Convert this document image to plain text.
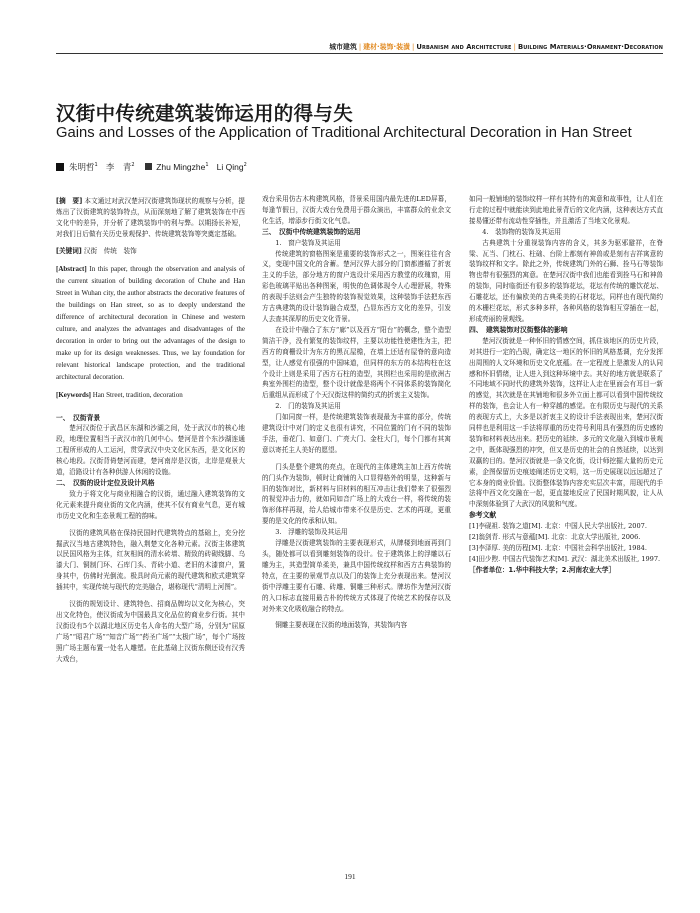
城市建筑 | 建材·装饰·装潢 | Urbanism and Architecture | Building Materials·Ornament·Decoration
汉街中传统建筑装饰运用的得与失
Gains and Losses of the Application of Traditional Architectural Decoration in Han Street
朱明哲$^1$ 李　青$^2$	Zhu Mingzhe$^1$ Li Qing$^2$

[摘　要] 本文通过对武汉楚河汉街建筑饰现状的观察与分析，提炼出了汉街建筑的装饰特点，从而深刻地了解了建筑装饰在中西文化中的差异，并分析了建筑装饰中的利与弊。以期扬长补短，对我们日后做有关历史景观保护、传统建筑装饰等突奠定基础。

[关键词] 汉街　传统　装饰

[Abstract] In this paper, through the observation and analysis of the current situation of building decoration of Chuhe and Han Street in Wuhan city, the author abstracts the decorative features of the buildings on Han street, so as to deeply understand the difference of architectural decoration in Chinese and western culture, and analyzes the advantages and disadvantages of the decoration in order to bring out the advantages of the design to make up for its design weaknesses. Thus, we lay foundation for relevant historical landscape protection, and the traditional architectural decoration.

[Keywords] Han Street, tradition, decoration

一、　汉街背景

楚河汉街位于武昌区东湖和沙湖之间，处于武汉市的核心地段，地理位置相当于武汉市的几何中心。楚河是首个东沙湖连通工程所形成的人工运河，贯穿武汉中央文化区东西，是文化区的核心地段。汉街背倚楚河而建，楚河南岸是汉街，北岸是观景大道，沿路设计有各种供游人休闲的设施。

二、　汉街的设计定位及设计风格

致力于将文化与商业相融合的汉街，通过融入建筑装饰的文化元素来提升商业街的文化内涵，使其不仅有商业气息，更有城市历史文化和生态景观工程的韵味。

汉街的建筑风格在保持民国时代建筑特点的基础上，充分挖掘武汉当地古建筑特色，融入荆楚文化各种元素。汉街主体建筑以民国风格为主体，红灰相间的清水砖墙、精致的砖砌线脚、乌漆大门、铜制门环、石库门头、青砖小道、老旧的木漆窗户，置身其中，仿佛时光倒流。极具时尚元素的现代建筑和欧式建筑穿插其中，实现传统与现代的完美融合，堪称现代“清明上河图”。

汉街的规划设计、建筑特色、招商品牌均以文化为核心，突出文化特色，使汉街成为中国最具文化品位的商业步行街。其中汉街设有5个以湖北地区历史名人命名的大型广场，分别为“屈原广场”“昭君广场”“知音广场”“药圣广场”“太极广场”，每个广场按照广场主题布置一处名人雕塑。在此基础上汉街东侧还设有汉秀大戏台，

戏台采用仿古木构建筑风格，背景采用国内最先进的LED屏幕，每逢节假日，汉街大戏台免费用于群众演出，丰富群众的业余文化生活，增添步行街文化气息。

三、　汉街中传统建筑装饰的运用

1.　窗户装饰及其运用

传统建筑的窗格图案是重要的装饰形式之一，图案往往有含义，变现中国文化的含蓄。楚河汉界大部分的门窗都遵循了折衷主义的手法，部分地方的窗户选设计采用西方教堂的玫瑰窗，用彩色玻璃平贴出各种图案，明快的色调体现令人心理舒展，特殊的表现手法则会产生独特的装饰视觉效果，这种装饰手法把东西方古典建筑的设计装饰融合成型，凸显东西方文化的差异，引发人去查其深厚的历史文化背景。

在设计中融合了东方“廊”以及西方“阳台”的概念，整个造型简洁干净，没有繁复的装饰纹样，主要以功能性使建性为主，把西方的商栅设计为东方的黑瓦屋檐，在墙上还适有屋脊的意向造型，让人感觉有很强的中国味道，但同样的东方的本结构柱在这个设计上则是采用了西方石柱的造型，其围栏也采用的是欧洲古典室外围栏的造型，整个设计就像是将两个不同体系的装饰简化后重组从而形成了个天汉街这样的简约式的折衷主义装饰。

2.　门的装饰及其运用

门如同窗一样，是传统建筑装饰表现最为丰富的部分，传统建筑设计中对门的定义也很有讲究，不同位置的门有不同的装饰手法，垂花门、如意门、广亮大门、金柱大门，每个门都有其寓意以寄托主人美好的愿望。

门头是整个建筑的亮点，在现代的主体建筑主加上西方传统的门头作为装饰，顿时让商铺的入口显得格外的明显，这种新与旧的装饰对比，新材料与旧材料的相互冲击让我们带来了很强烈的视觉冲击力的，就如同如音广场上的大戏台一样，将传统的装饰形体样再现，给人给城市带来不仅是历史、艺术的再现，更重要的是文化的传承和认知。

3.　浮雕的装饰及其运用

浮雕是汉街建筑装饰的主要表现形式，从牌楼到地面再到门头，随处都可以看到雕刻装饰的设计。位于建筑体上的浮雕以石雕为主，其造型简单柔美，兼具中国传统纹样和西方古典装饰的特点，在主要的景观节点以及门的装饰上充分表现出来。楚河汉街中浮雕主要有石雕、砖雕、铜雕三种形式。牌坊作为楚河汉街的入口标志直接用最古朴的传统方式体现了传统艺术的保存以及对外来文化吸收融合的特点。

铜雕主要表现在汉街的地面装饰，其装饰内容

如同一般铺地的装饰纹样一样有其特有的寓意和故事性，让人们在行走的过程中就能读到此地此景背后的文化内涵，这种表达方式直接易懂还带有流动性穿插性，并且激活了当地文化景观。

4.　装饰物的装饰及其运用

古典建筑十分重视装饰内容的含义，其多为驱邪避祥，在脊梁、瓦当、门枕石、柱础、台阶上都刻有神兽或是刻有吉祥寓意的装饰纹样和文字。除此之外，传统建筑门外的石狮、拴马石等装饰物也带有很强烈的寓意。在楚河汉街中我们也能看到拴马石和神兽的装饰，同时临街还有很多的装饰花坛，花坛有传统的雕饮花坛、石雕花坛，还有偏欧美的古典柔美的石材花坛，同样也有现代简约的木栅栏花坛，形式多种多样，各种风格的装饰相互穿插在一起，形成亮丽的景观线。

四、　建筑装饰对汉街整体的影响

楚河汉街就是一种怀旧的情感空间，抓住该地区的历史片段，对其进行一定的凸现，确定这一地区的怀旧的风格基调，充分发挥出周围的人文环境和历史文化底蕴。在一定程度上是激发人的认同感和怀旧情绪，让人进入到这种环境中去。其好的地方就是联系了不同地域不同时代的建筑外装饰，这样让人走在里面会有耳目一新的感觉，其次就是在其铺地和很多外立面上都可以看到中国传统纹样的装饰，也会让人有一种穿越的感觉。在有限历史与现代的关系的表现方式上，大多是以折衷主义的设计手法表现出来，楚河汉街同样也是利用这一手法将厚重的历史符号利用具有强烈的历史感的装饰和材料表达出来。把历史的延续、多元的文化融入到城市景观之中，既体现强烈的冲突，但又是历史的社会的自然延续，以达到双赢的目的。楚河汉街就是一条文化街，设计师挖掘大量的历史元素，企图保留历史痕迹阐述历史文明，这一历史展现以远远超过了它本身的商业价值。汉街整体装饰内容充实层次丰富，用现代的手法将中西文化交融在一起，更直接地反应了民国时期风貌，让人从中深刻体验到了大武汉的风貌和气度。

参考文献

[1]李砚祖. 装饰之道[M]. 北京：中国人民大学出版社, 2007.

[2]翁剑青. 形式与意蕴[M]. 北京：北京大学出版社, 2006.

[3]李泽厚. 美的历程[M]. 北京：中国社会科学出版社, 1984.

[4]田少煦. 中国古代装饰艺术[M]. 武汉：湖北美术出版社, 1997.

［作者单位：1.华中科技大学；2.河南农业大学］

191
